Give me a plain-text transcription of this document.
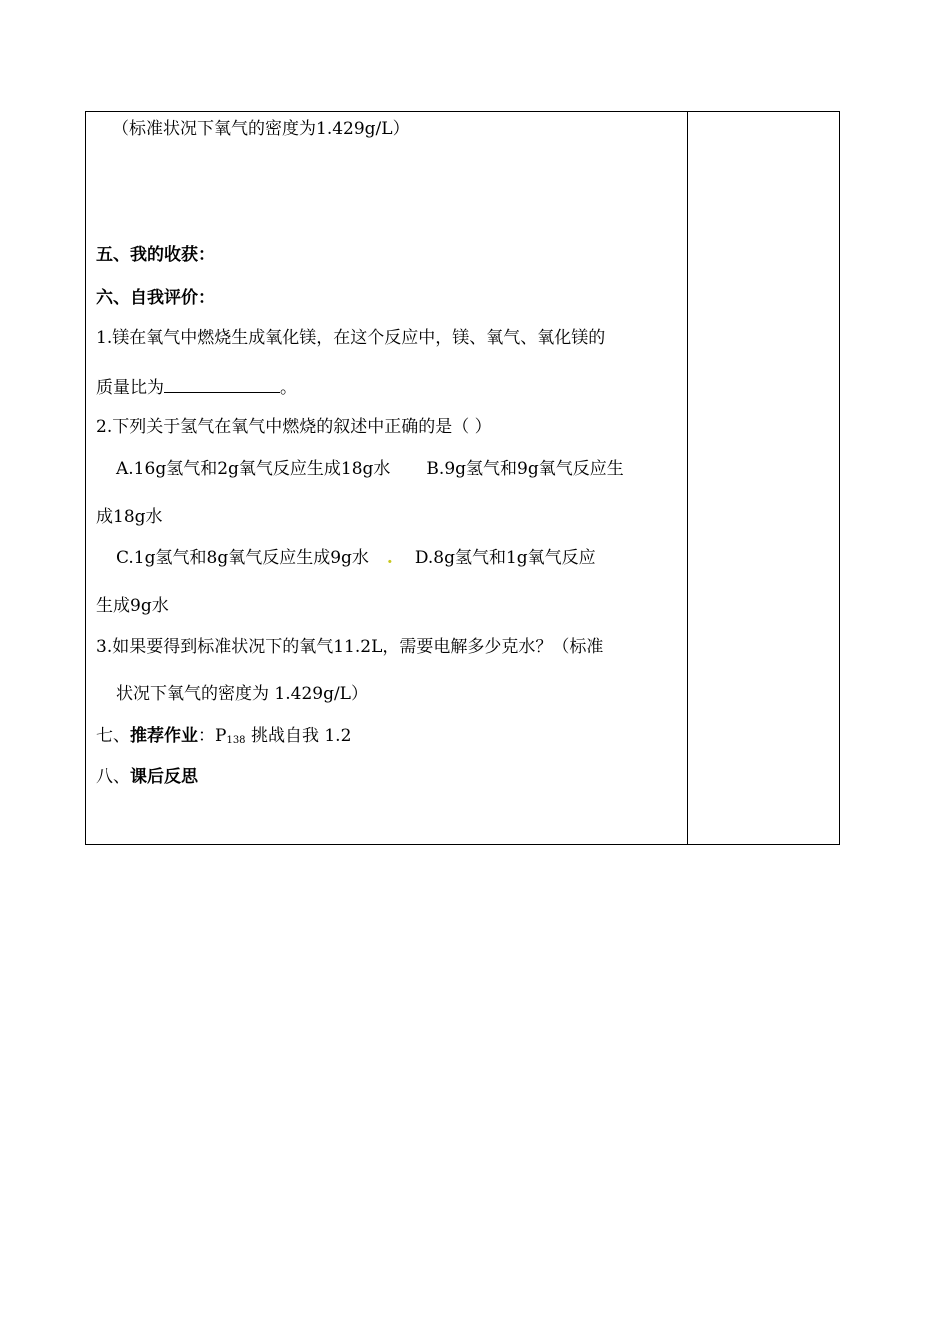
（标准状况下氧气的密度为1.429g/L）
五、我的收获：
六、自我评价：
1.镁在氧气中燃烧生成氧化镁，在这个反应中，镁、氧气、氧化镁的
质量比为	。
2.下列关于氢气在氧气中燃烧的叙述中正确的是（ ）
A.16g氢气和2g氧气反应生成18g水 B.9g氢气和9g氧气反应生
成18g水
C.1g氢气和8g氧气反应生成9g水 . D.8g氢气和1g氧气反应
生成9g水
3.如果要得到标准状况下的氧气11.2L，需要电解多少克水？（标准
状况下氧气的密度为 1.429g/L）
七、推荐作业：$P_{138}$ 挑战自我 1.2
八、课后反思
